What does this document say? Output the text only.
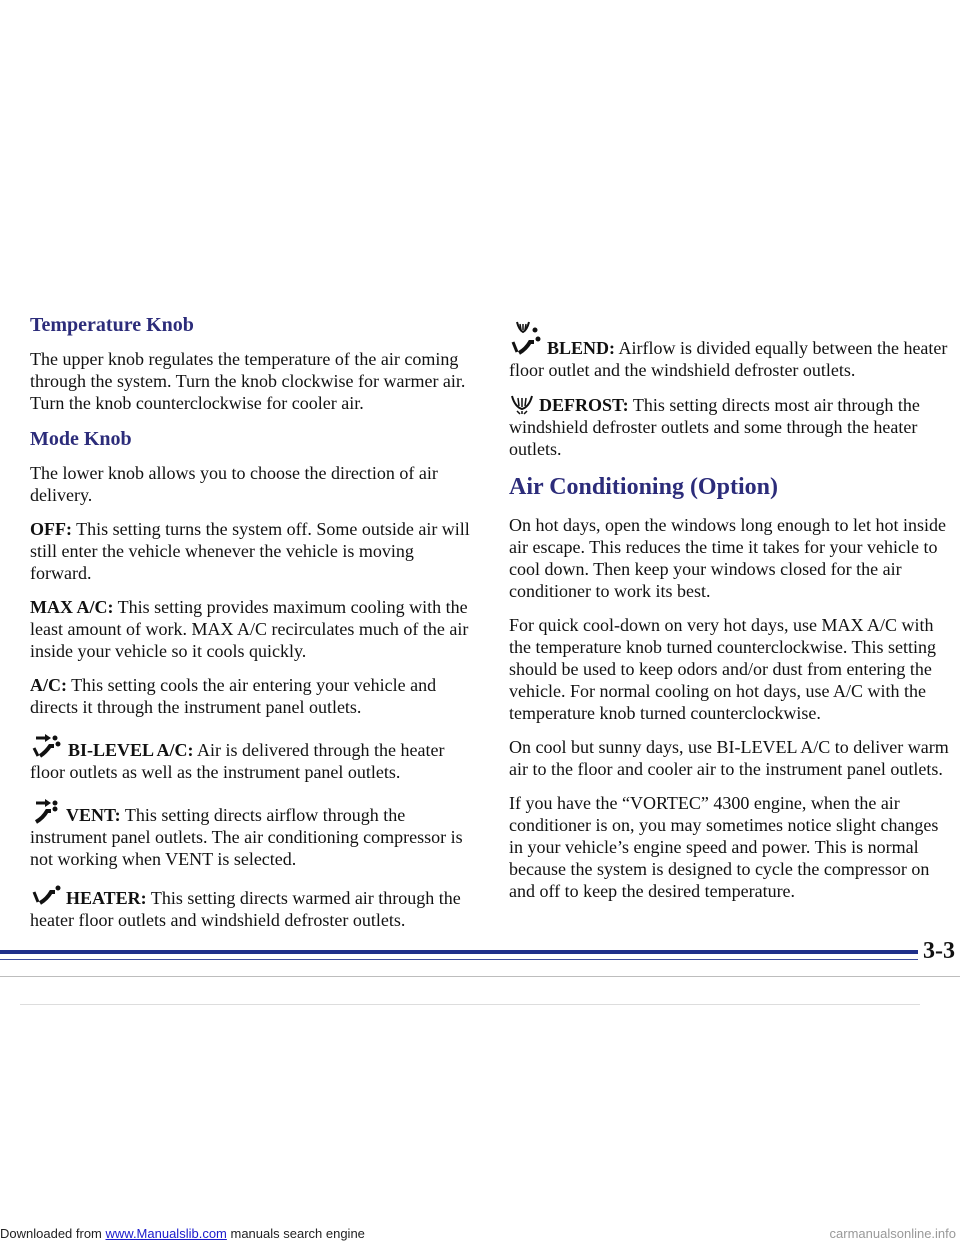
Temperature Knob

The upper knob regulates the temperature of the air coming through the system. Turn the knob clockwise for warmer air. Turn the knob counterclockwise for cooler air.

Mode Knob

The lower knob allows you to choose the direction of air delivery.

OFF: This setting turns the system off. Some outside air will still enter the vehicle whenever the vehicle is moving forward.

MAX A/C: This setting provides maximum cooling with the least amount of work. MAX A/C recirculates much of the air inside your vehicle so it cools quickly.

A/C: This setting cools the air entering your vehicle and directs it through the instrument panel outlets.

BI-LEVEL A/C: Air is delivered through the heater floor outlets as well as the instrument panel outlets.

VENT: This setting directs airflow through the instrument panel outlets. The air conditioning compressor is not working when VENT is selected.

HEATER: This setting directs warmed air through the heater floor outlets and windshield defroster outlets.

BLEND: Airflow is divided equally between the heater floor outlet and the windshield defroster outlets.

DEFROST: This setting directs most air through the windshield defroster outlets and some through the heater outlets.

Air Conditioning (Option)

On hot days, open the windows long enough to let hot inside air escape. This reduces the time it takes for your vehicle to cool down. Then keep your windows closed for the air conditioner to work its best.

For quick cool-down on very hot days, use MAX A/C with the temperature knob turned counterclockwise. This setting should be used to keep odors and/or dust from entering the vehicle. For normal cooling on hot days, use A/C with the temperature knob turned counterclockwise.

On cool but sunny days, use BI-LEVEL A/C to deliver warm air to the floor and cooler air to the instrument panel outlets.

If you have the “VORTEC” 4300 engine, when the air conditioner is on, you may sometimes notice slight changes in your vehicle’s engine speed and power. This is normal because the system is designed to cycle the compressor on and off to keep the desired temperature.

3-3
Downloaded from www.Manualslib.com manuals search engine	carmanualsonline.info
